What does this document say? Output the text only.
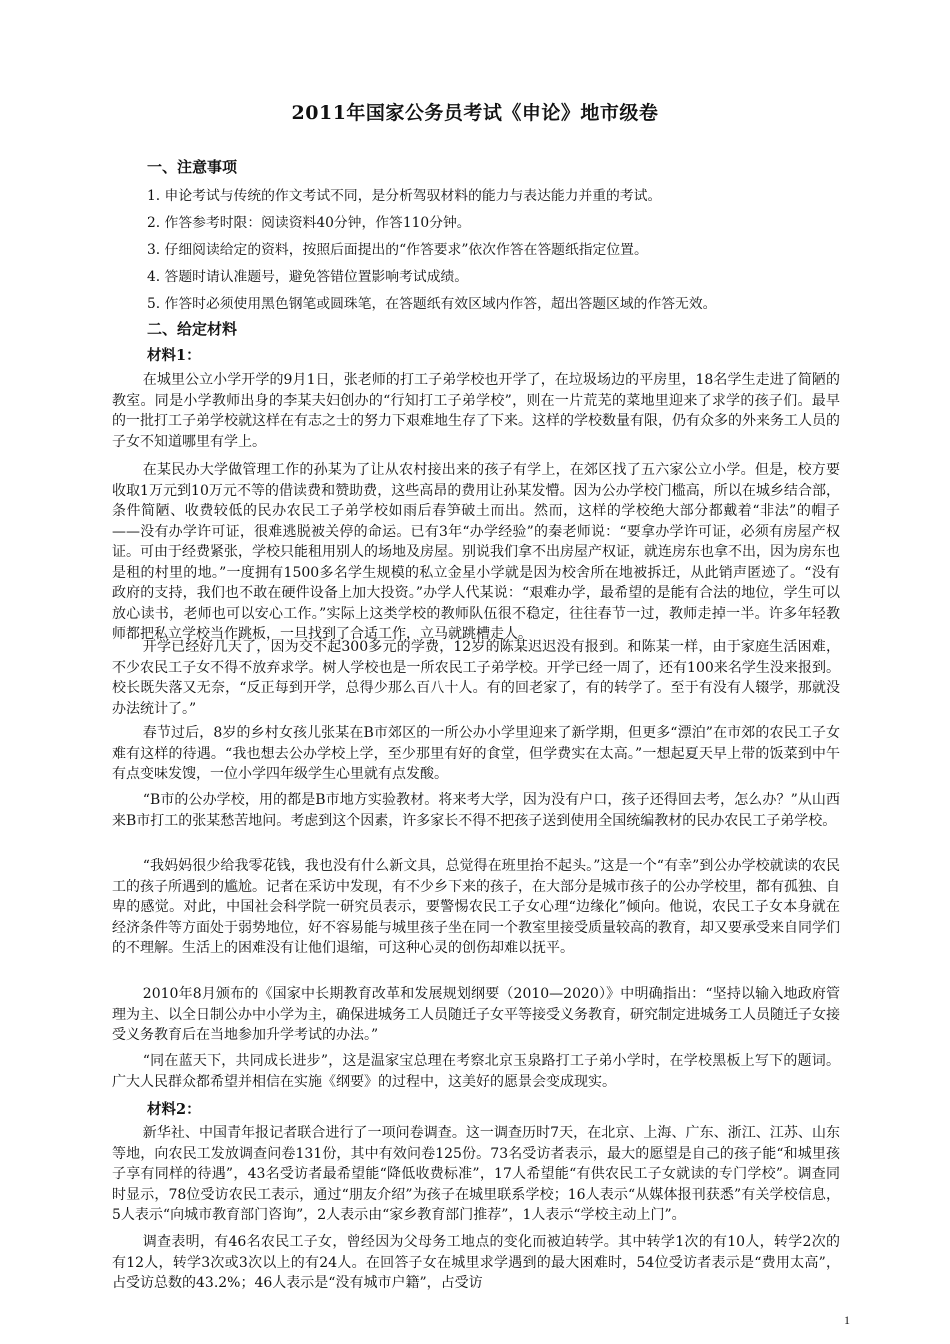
2011年国家公务员考试《申论》地市级卷
一、注意事项
1. 申论考试与传统的作文考试不同，是分析驾驭材料的能力与表达能力并重的考试。
2. 作答参考时限：阅读资料40分钟，作答110分钟。
3. 仔细阅读给定的资料，按照后面提出的“作答要求”依次作答在答题纸指定位置。
4. 答题时请认准题号，避免答错位置影响考试成绩。
5. 作答时必须使用黑色钢笔或圆珠笔，在答题纸有效区域内作答，超出答题区域的作答无效。
二、给定材料
材料1：
在城里公立小学开学的9月1日，张老师的打工子弟学校也开学了，在垃圾场边的平房里，18名学生走进了简陋的教室。同是小学教师出身的李某夫妇创办的“行知打工子弟学校”，则在一片荒芜的菜地里迎来了求学的孩子们。最早的一批打工子弟学校就这样在有志之士的努力下艰难地生存了下来。这样的学校数量有限，仍有众多的外来务工人员的子女不知道哪里有学上。
在某民办大学做管理工作的孙某为了让从农村接出来的孩子有学上，在郊区找了五六家公立小学。但是，校方要收取1万元到10万元不等的借读费和赞助费，这些高昂的费用让孙某发懵。因为公办学校门槛高，所以在城乡结合部，条件简陋、收费较低的民办农民工子弟学校如雨后春笋破土而出。然而，这样的学校绝大部分都戴着“非法”的帽子——没有办学许可证，很难逃脱被关停的命运。已有3年“办学经验”的秦老师说：“要拿办学许可证，必须有房屋产权证。可由于经费紧张，学校只能租用别人的场地及房屋。别说我们拿不出房屋产权证，就连房东也拿不出，因为房东也是租的村里的地。”一度拥有1500多名学生规模的私立金星小学就是因为校舍所在地被拆迁，从此销声匿迹了。“没有政府的支持，我们也不敢在硬件设备上加大投资。”办学人代某说：“艰难办学，最希望的是能有合法的地位，学生可以放心读书，老师也可以安心工作。”实际上这类学校的教师队伍很不稳定，往往春节一过，教师走掉一半。许多年轻教师都把私立学校当作跳板，一旦找到了合适工作，立马就跳槽走人。
开学已经好几天了，因为交不起300多元的学费，12岁的陈某迟迟没有报到。和陈某一样，由于家庭生活困难，不少农民工子女不得不放弃求学。树人学校也是一所农民工子弟学校。开学已经一周了，还有100来名学生没来报到。校长既失落又无奈，“反正每到开学，总得少那么百八十人。有的回老家了，有的转学了。至于有没有人辍学，那就没办法统计了。”
春节过后，8岁的乡村女孩儿张某在B市郊区的一所公办小学里迎来了新学期，但更多“漂泊”在市郊的农民工子女难有这样的待遇。“我也想去公办学校上学，至少那里有好的食堂，但学费实在太高。”一想起夏天早上带的饭菜到中午有点变味发馊，一位小学四年级学生心里就有点发酸。
“B市的公办学校，用的都是B市地方实验教材。将来考大学，因为没有户口，孩子还得回去考，怎么办？”从山西来B市打工的张某愁苦地问。考虑到这个因素，许多家长不得不把孩子送到使用全国统编教材的民办农民工子弟学校。
“我妈妈很少给我零花钱，我也没有什么新文具，总觉得在班里抬不起头。”这是一个“有幸”到公办学校就读的农民工的孩子所遇到的尴尬。记者在采访中发现，有不少乡下来的孩子，在大部分是城市孩子的公办学校里，都有孤独、自卑的感觉。对此，中国社会科学院一研究员表示，要警惕农民工子女心理“边缘化”倾向。他说，农民工子女本身就在经济条件等方面处于弱势地位，好不容易能与城里孩子坐在同一个教室里接受质量较高的教育，却又要承受来自同学们的不理解。生活上的困难没有让他们退缩，可这种心灵的创伤却难以抚平。
2010年8月颁布的《国家中长期教育改革和发展规划纲要（2010—2020）》中明确指出：“坚持以输入地政府管理为主、以全日制公办中小学为主，确保进城务工人员随迁子女平等接受义务教育，研究制定进城务工人员随迁子女接受义务教育后在当地参加升学考试的办法。”
“同在蓝天下，共同成长进步”，这是温家宝总理在考察北京玉泉路打工子弟小学时，在学校黑板上写下的题词。广大人民群众都希望并相信在实施《纲要》的过程中，这美好的愿景会变成现实。
材料2：
新华社、中国青年报记者联合进行了一项问卷调查。这一调查历时7天，在北京、上海、广东、浙江、江苏、山东等地，向农民工发放调查问卷131份，其中有效问卷125份。73名受访者表示，最大的愿望是自己的孩子能“和城里孩子享有同样的待遇”，43名受访者最希望能“降低收费标准”，17人希望能“有供农民工子女就读的专门学校”。调查同时显示，78位受访农民工表示，通过“朋友介绍”为孩子在城里联系学校；16人表示“从媒体报刊获悉”有关学校信息，5人表示“向城市教育部门咨询”，2人表示由“家乡教育部门推荐”，1人表示“学校主动上门”。
调查表明，有46名农民工子女，曾经因为父母务工地点的变化而被迫转学。其中转学1次的有10人，转学2次的有12人，转学3次或3次以上的有24人。在回答子女在城里求学遇到的最大困难时，54位受访者表示是“费用太高”，占受访总数的43.2%；46人表示是“没有城市户籍”，占受访
1
